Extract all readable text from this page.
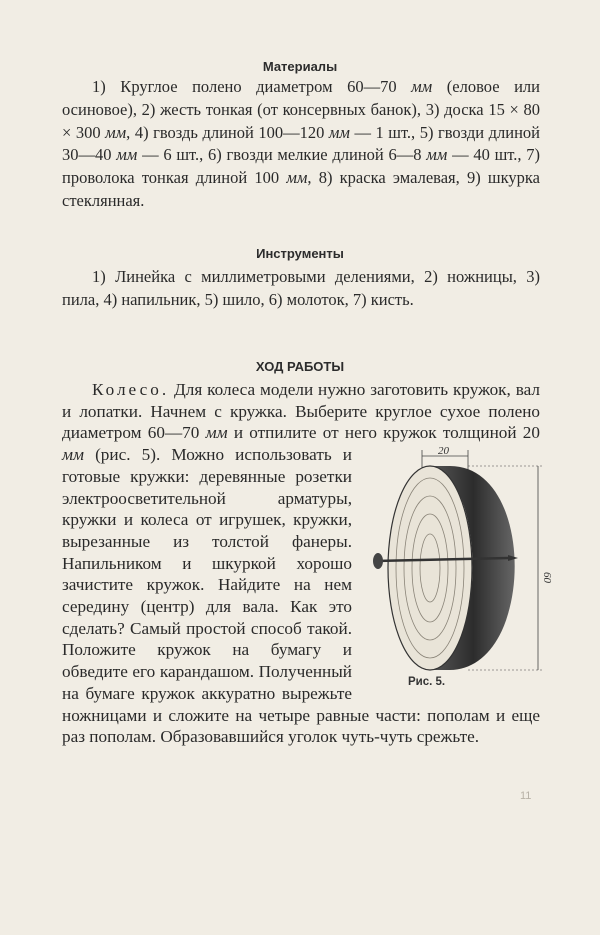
Материалы

1) Круглое полено диаметром 60—70 мм (еловое или осиновое), 2) жесть тонкая (от консервных банок), 3) доска 15 × 80 × 300 мм, 4) гвоздь длиной 100—120 мм — 1 шт., 5) гвозди длиной 30—40 мм — 6 шт., 6) гвозди мелкие длиной 6—8 мм — 40 шт., 7) проволока тонкая длиной 100 мм, 8) краска эмалевая, 9) шкурка стеклянная.

Инструменты

1) Линейка с миллиметровыми делениями, 2) ножницы, 3) пила, 4) напильник, 5) шило, 6) молоток, 7) кисть.

ХОД РАБОТЫ

Колесо. Для колеса модели нужно заготовить кружок, вал и лопатки. Начнем с кружка. Выберите круглое сухое полено диаметром 60—70 мм и отпилите от него кружок толщиной 20 мм	20
60
Рис. 5.
(рис. 5). Можно использовать и готовые кружки: деревянные розетки электроосветительной арматуры, кружки и колеса от игрушек, кружки, вырезанные из толстой фанеры. Напильником и шкуркой хорошо зачистите кружок. Найдите на нем середину (центр) для вала. Как это сделать? Самый простой способ такой. Положите кружок на бумагу и обведите его карандашом. Полученный на бумаге кружок аккуратно вырежьте ножницами и сложите на четыре равные части: пополам и еще раз пополам. Образовавшийся уголок чуть-чуть срежьте.

11
